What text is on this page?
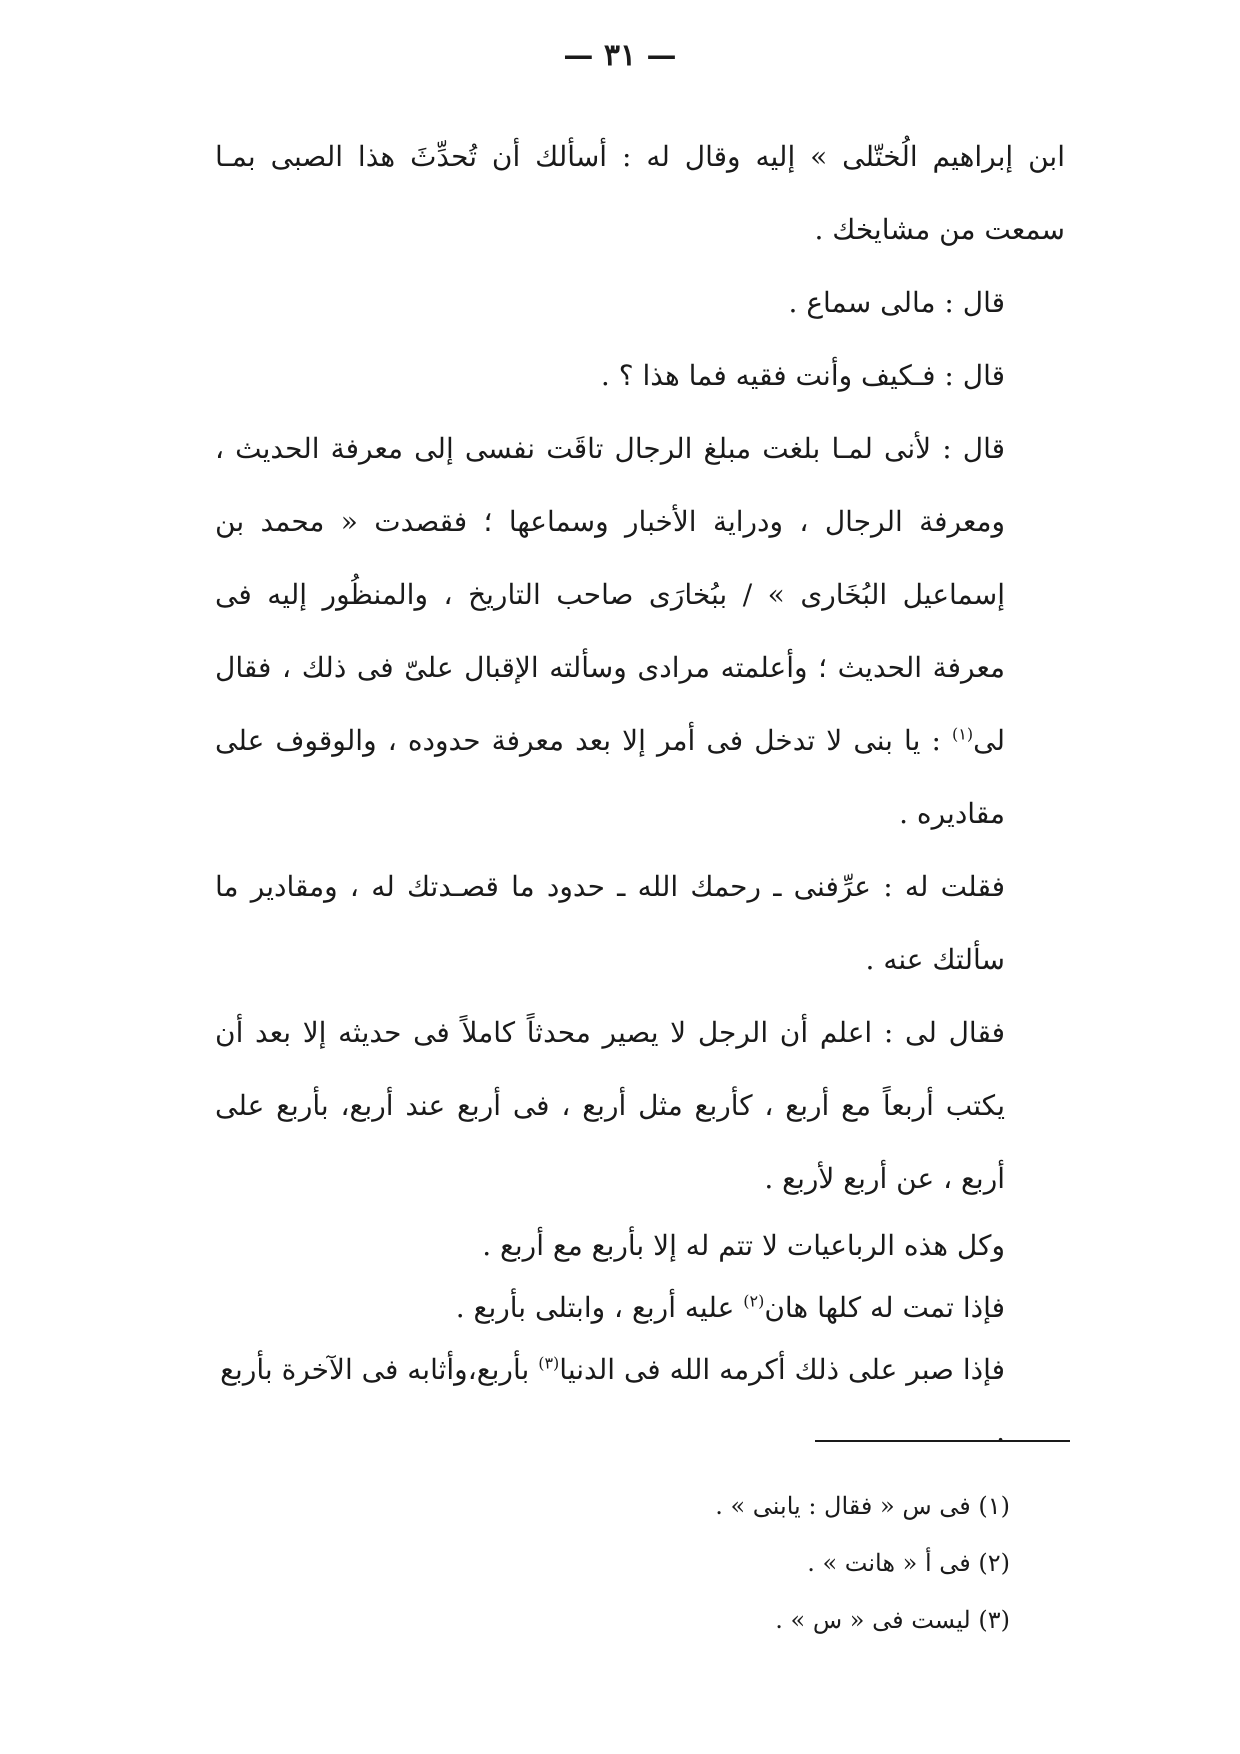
— ٣١ —

ابن إبراهيم الُختّلى » إليه وقال له : أسألك أن تُحدِّثَ هذا الصبى بمـا سمعت من مشايخك .

قال : مالى سماع .

قال : فـكيف وأنت فقيه فما هذا ؟ .

قال : لأنى لمـا بلغت مبلغ الرجال تاقَت نفسى إلى معرفة الحديث ، ومعرفة الرجال ، ودراية الأخبار وسماعها ؛ فقصدت « محمد بن إسماعيل البُخَارى » / ببُخارَى صاحب التاريخ ، والمنظُور إليه فى معرفة الحديث ؛ وأعلمته مرادى وسألته الإقبال علىّ فى ذلك ، فقال لى$^{(١)}$ : يا بنى لا تدخل فى أمر إلا بعد معرفة حدوده ، والوقوف على مقاديره .

فقلت له : عرِّفنى ـ رحمك الله ـ حدود ما قصـدتك له ، ومقادير ما سألتك عنه .

فقال لى : اعلم أن الرجل لا يصير محدثاً كاملاً فى حديثه إلا بعد أن يكتب أربعاً مع أربع ، كأربع مثل أربع ، فى أربع عند أربع، بأربع على أربع ، عن أربع لأربع .

وكل هذه الرباعيات لا تتم له إلا بأربع مع أربع .

فإذا تمت له كلها هان$^{(٢)}$ عليه أربع ، وابتلى بأربع .

فإذا صبر على ذلك أكرمه الله فى الدنيا$^{(٣)}$ بأربع،وأثابه فى الآخرة بأربع .

(١) فى س « فقال : يابنى » .

(٢) فى أ « هانت » .

(٣) ليست فى « س » .
